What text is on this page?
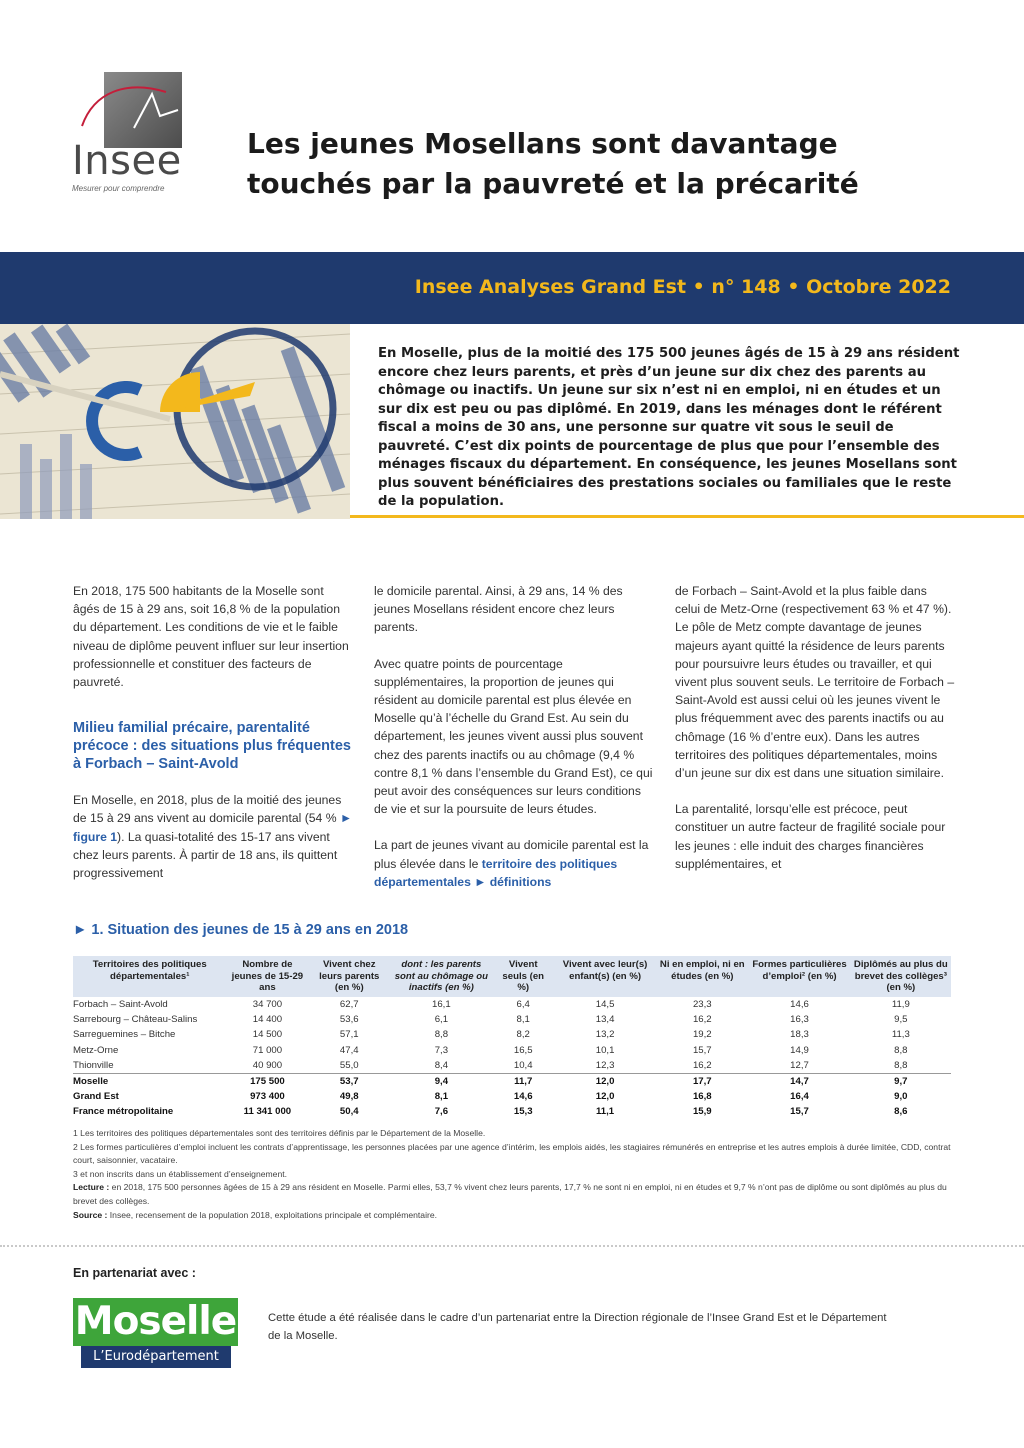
Insee
Mesurer pour comprendre
Les jeunes Mosellans sont davantage touchés par la pauvreté et la précarité
Insee Analyses Grand Est • n° 148 • Octobre 2022

En Moselle, plus de la moitié des 175 500 jeunes âgés de 15 à 29 ans résident encore chez leurs parents, et près d’un jeune sur dix chez des parents au chômage ou inactifs. Un jeune sur six n’est ni en emploi, ni en études et un sur dix est peu ou pas diplômé. En 2019, dans les ménages dont le référent fiscal a moins de 30 ans, une personne sur quatre vit sous le seuil de pauvreté. C’est dix points de pourcentage de plus que pour l’ensemble des ménages fiscaux du département. En conséquence, les jeunes Mosellans sont plus souvent bénéficiaires des prestations sociales ou familiales que le reste de la population.

En 2018, 175 500 habitants de la Moselle sont âgés de 15 à 29 ans, soit 16,8 % de la population du département. Les conditions de vie et le faible niveau de diplôme peuvent influer sur leur insertion professionnelle et constituer des facteurs de pauvreté.

Milieu familial précaire, parentalité précoce : des situations plus fréquentes à Forbach – Saint-Avold

En Moselle, en 2018, plus de la moitié des jeunes de 15 à 29 ans vivent au domicile parental (54 % ► figure 1). La quasi-totalité des 15-17 ans vivent chez leurs parents. À partir de 18 ans, ils quittent progressivement

le domicile parental. Ainsi, à 29 ans, 14 % des jeunes Mosellans résident encore chez leurs parents.

Avec quatre points de pourcentage supplémentaires, la proportion de jeunes qui résident au domicile parental est plus élevée en Moselle qu’à l’échelle du Grand Est. Au sein du département, les jeunes vivent aussi plus souvent chez des parents inactifs ou au chômage (9,4 % contre 8,1 % dans l’ensemble du Grand Est), ce qui peut avoir des conséquences sur leurs conditions de vie et sur la poursuite de leurs études.

La part de jeunes vivant au domicile parental est la plus élevée dans le territoire des politiques départementales ► définitions

de Forbach – Saint-Avold et la plus faible dans celui de Metz-Orne (respectivement 63 % et 47 %). Le pôle de Metz compte davantage de jeunes majeurs ayant quitté la résidence de leurs parents pour poursuivre leurs études ou travailler, et qui vivent plus souvent seuls. Le territoire de Forbach – Saint-Avold est aussi celui où les jeunes vivent le plus fréquemment avec des parents inactifs ou au chômage (16 % d’entre eux). Dans les autres territoires des politiques départementales, moins d’un jeune sur dix est dans une situation similaire.

La parentalité, lorsqu’elle est précoce, peut constituer un autre facteur de fragilité sociale pour les jeunes : elle induit des charges financières supplémentaires, et

► 1. Situation des jeunes de 15 à 29 ans en 2018
Territoires des politiques départementales¹	Nombre de jeunes de 15-29 ans	Vivent chez leurs parents (en %)	dont : les parents sont au chômage ou inactifs (en %)	Vivent seuls (en %)	Vivent avec leur(s) enfant(s) (en %)	Ni en emploi, ni en études (en %)	Formes particulières d’emploi² (en %)	Diplômés au plus du brevet des collèges³ (en %)
Forbach – Saint-Avold	34 700	62,7	16,1	6,4	14,5	23,3	14,6	11,9
Sarrebourg – Château-Salins	14 400	53,6	6,1	8,1	13,4	16,2	16,3	9,5
Sarreguemines – Bitche	14 500	57,1	8,8	8,2	13,2	19,2	18,3	11,3
Metz-Orne	71 000	47,4	7,3	16,5	10,1	15,7	14,9	8,8
Thionville	40 900	55,0	8,4	10,4	12,3	16,2	12,7	8,8
Moselle	175 500	53,7	9,4	11,7	12,0	17,7	14,7	9,7
Grand Est	973 400	49,8	8,1	14,6	12,0	16,8	16,4	9,0
France métropolitaine	11 341 000	50,4	7,6	15,3	11,1	15,9	15,7	8,6

1 Les territoires des politiques départementales sont des territoires définis par le Département de la Moselle.

2 Les formes particulières d’emploi incluent les contrats d’apprentissage, les personnes placées par une agence d’intérim, les emplois aidés, les stagiaires rémunérés en entreprise et les autres emplois à durée limitée, CDD, contrat court, saisonnier, vacataire.

3 et non inscrits dans un établissement d’enseignement.

Lecture : en 2018, 175 500 personnes âgées de 15 à 29 ans résident en Moselle. Parmi elles, 53,7 % vivent chez leurs parents, 17,7 % ne sont ni en emploi, ni en études et 9,7 % n’ont pas de diplôme ou sont diplômés au plus du brevet des collèges.

Source : Insee, recensement de la population 2018, exploitations principale et complémentaire.

En partenariat avec :
Moselle
L’Eurodépartement

Cette étude a été réalisée dans le cadre d’un partenariat entre la Direction régionale de l’Insee Grand Est et le Département de la Moselle.
